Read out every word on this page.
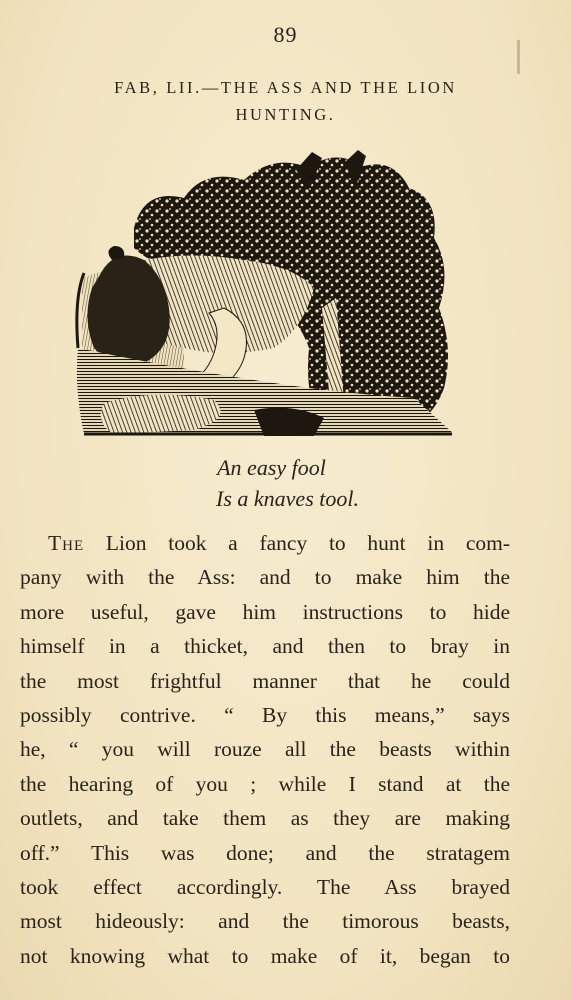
89
FAB, LII.—THE ASS AND THE LION
HUNTING.
An easy fool
Is a knaves tool.
The Lion took a fancy to hunt in com-
pany with the Ass: and to make him the
more useful, gave him instructions to hide
himself in a thicket, and then to bray in
the most frightful manner that he could
possibly contrive. “ By this means,” says
he, “ you will rouze all the beasts within
the hearing of you ; while I stand at the
outlets, and take them as they are making
off.” This was done; and the stratagem
took effect accordingly. The Ass brayed
most hideously: and the timorous beasts,
not knowing what to make of it, began to
